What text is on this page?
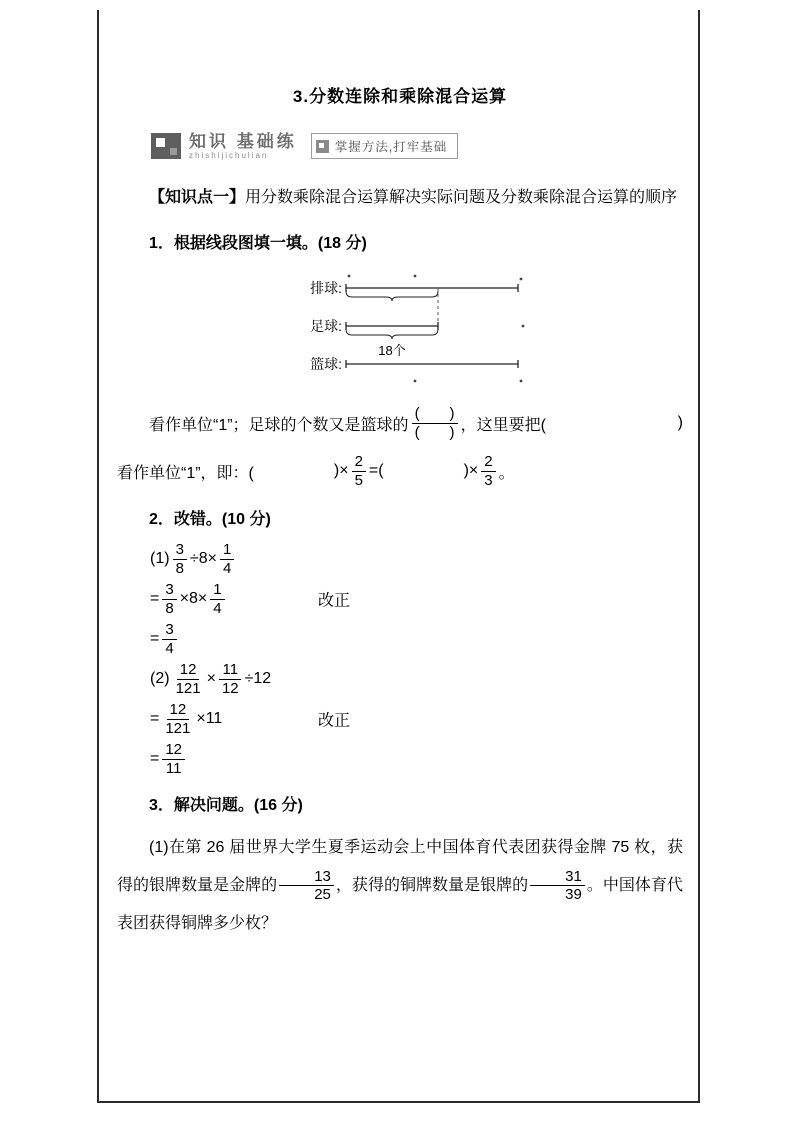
3.分数连除和乘除混合运算
知识 基础练
zhishijichulian
掌握方法,打牢基础

【知识点一】用分数乘除混合运算解决实际问题及分数乘除混合运算的顺序

1．根据线段图填一填。(18 分)
排球:
足球:
18个
篮球:
看作单位“1”；足球的个数又是篮球的 $\frac{( )}{( )}$ ，这里要把(	)
看作单位“1”，即：(	)× $\frac{2}{5}$ =(	)× $\frac{2}{3}$ 。
2．改错。(10 分)
$(1) \frac{3}{8} \div 8\times \frac{1}{4}$
= $\frac{3}{8} \times 8\times \frac{1}{4}$	改正
= $\frac{3}{4}$
$(2) \frac{12}{121} \times \frac{11}{12} \div 12$
= $\frac{12}{121} \times 11$	改正
= $\frac{12}{11}$
3．解决问题。(16 分)

(1)在第 26 届世界大学生夏季运动会上中国体育代表团获得金牌 75 枚，获得的银牌数量是金牌的 $\frac{13}{25}$ ，获得的铜牌数量是银牌的 $\frac{31}{39}$ 。中国体育代表团获得铜牌多少枚？
